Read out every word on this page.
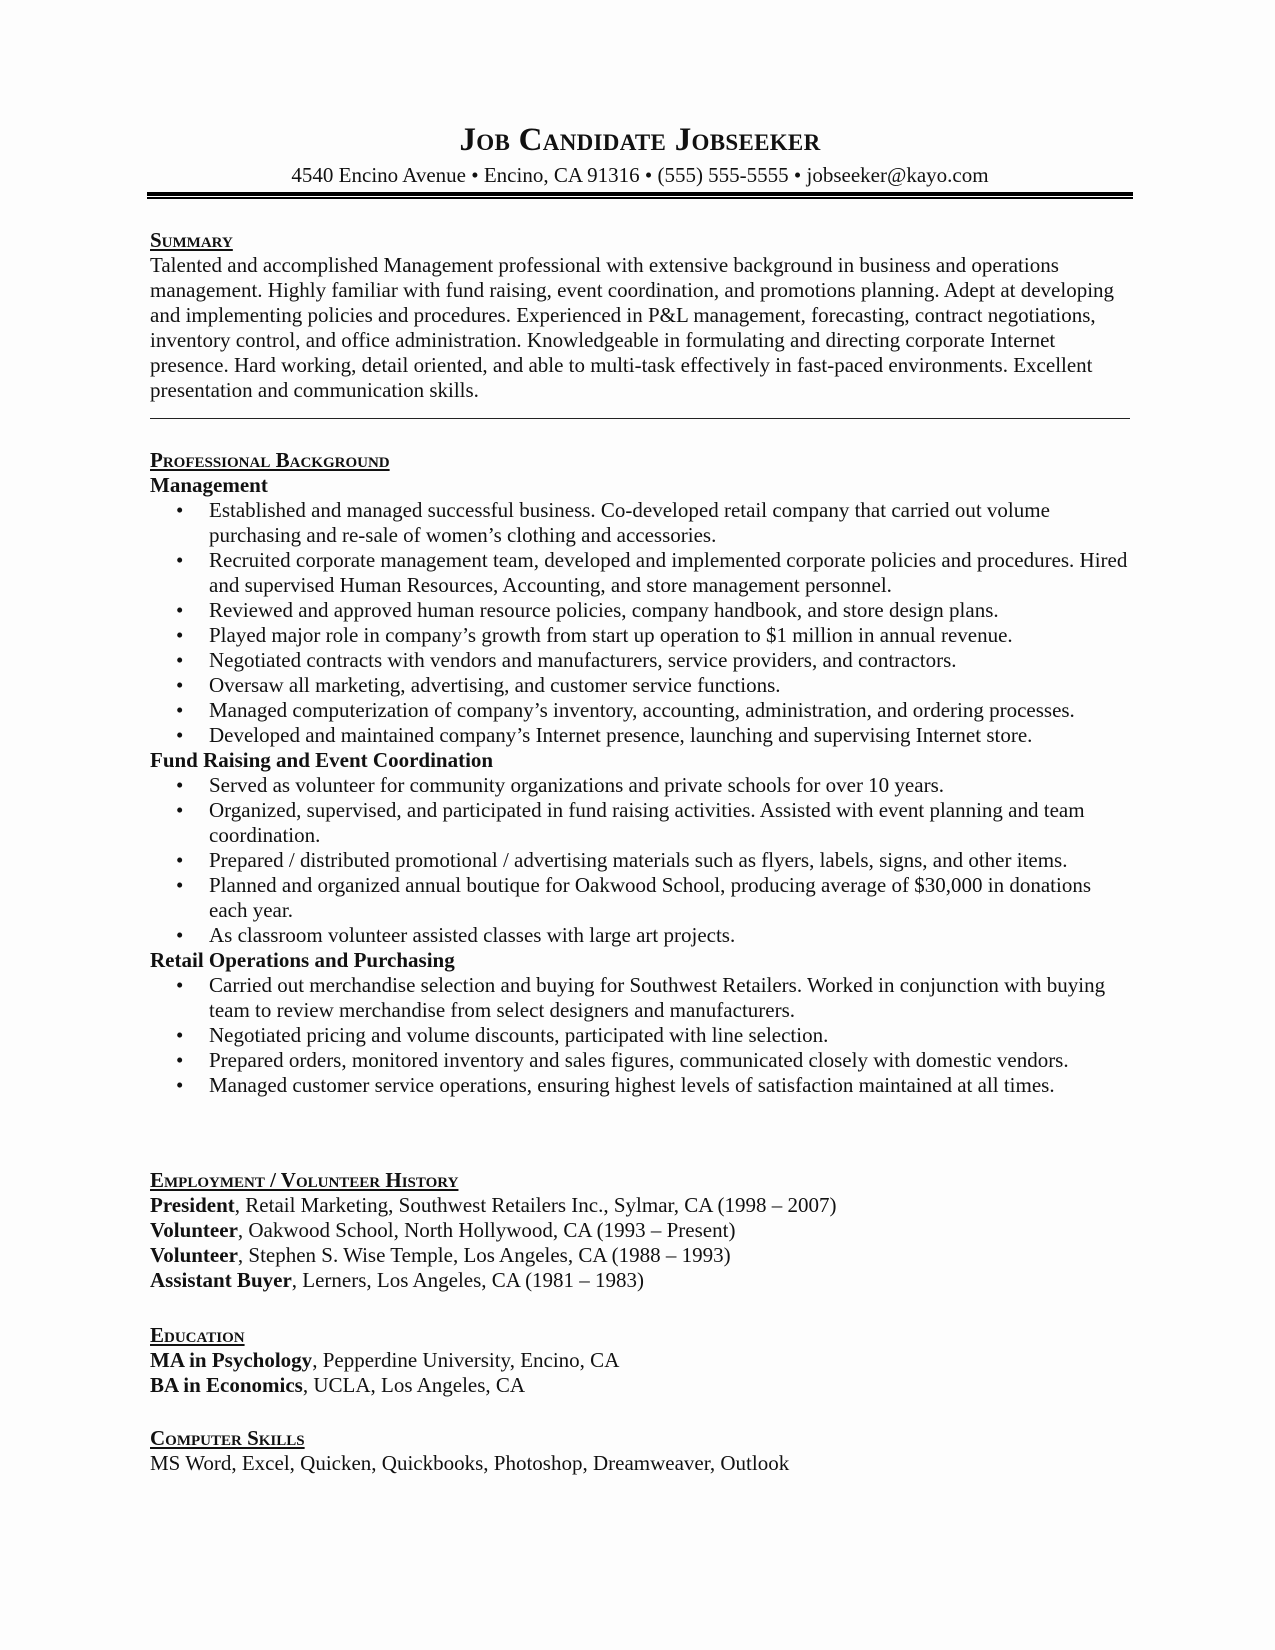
Job Candidate Jobseeker
4540 Encino Avenue • Encino, CA 91316 • (555) 555-5555 • jobseeker@kayo.com
Summary

Talented and accomplished Management professional with extensive background in business and operations management. Highly familiar with fund raising, event coordination, and promotions planning. Adept at developing and implementing policies and procedures. Experienced in P&L management, forecasting, contract negotiations, inventory control, and office administration. Knowledgeable in formulating and directing corporate Internet presence. Hard working, detail oriented, and able to multi-task effectively in fast-paced environments. Excellent presentation and communication skills.

Professional Background
Management
• Established and managed successful business. Co-developed retail company that carried out volume purchasing and re-sale of women’s clothing and accessories.
• Recruited corporate management team, developed and implemented corporate policies and procedures. Hired and supervised Human Resources, Accounting, and store management personnel.
• Reviewed and approved human resource policies, company handbook, and store design plans.
• Played major role in company’s growth from start up operation to $1 million in annual revenue.
• Negotiated contracts with vendors and manufacturers, service providers, and contractors.
• Oversaw all marketing, advertising, and customer service functions.
• Managed computerization of company’s inventory, accounting, administration, and ordering processes.
• Developed and maintained company’s Internet presence, launching and supervising Internet store.
Fund Raising and Event Coordination
• Served as volunteer for community organizations and private schools for over 10 years.
• Organized, supervised, and participated in fund raising activities. Assisted with event planning and team coordination.
• Prepared / distributed promotional / advertising materials such as flyers, labels, signs, and other items.
• Planned and organized annual boutique for Oakwood School, producing average of $30,000 in donations each year.
• As classroom volunteer assisted classes with large art projects.
Retail Operations and Purchasing
• Carried out merchandise selection and buying for Southwest Retailers. Worked in conjunction with buying team to review merchandise from select designers and manufacturers.
• Negotiated pricing and volume discounts, participated with line selection.
• Prepared orders, monitored inventory and sales figures, communicated closely with domestic vendors.
• Managed customer service operations, ensuring highest levels of satisfaction maintained at all times.
Employment / Volunteer History
President, Retail Marketing, Southwest Retailers Inc., Sylmar, CA (1998 – 2007)
Volunteer, Oakwood School, North Hollywood, CA (1993 – Present)
Volunteer, Stephen S. Wise Temple, Los Angeles, CA (1988 – 1993)
Assistant Buyer, Lerners, Los Angeles, CA (1981 – 1983)
Education
MA in Psychology, Pepperdine University, Encino, CA
BA in Economics, UCLA, Los Angeles, CA
Computer Skills

MS Word, Excel, Quicken, Quickbooks, Photoshop, Dreamweaver, Outlook
